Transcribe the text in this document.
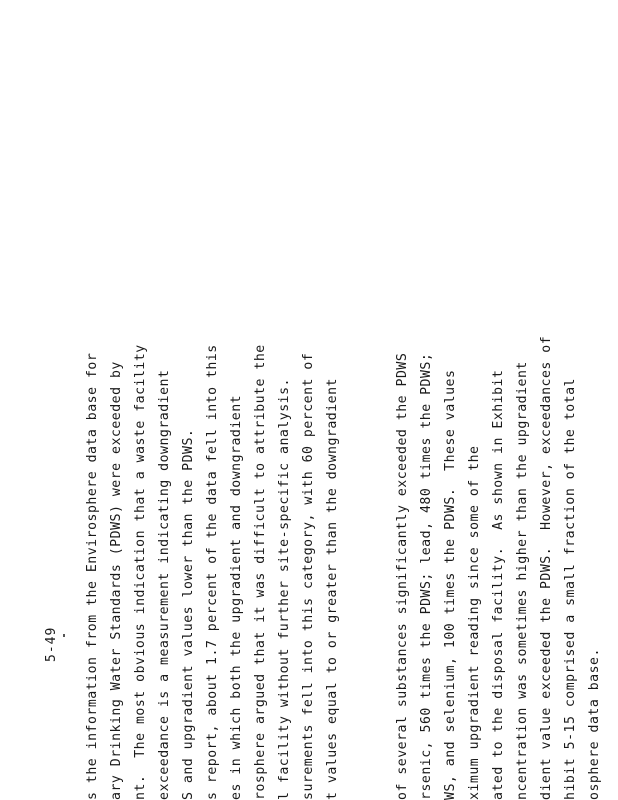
5-49 s the information from the Envirosphere data base for ary Drinking Water Standards (PDWS) were exceeded by nt.  The most obvious indication that a waste facility exceedance is a measurement indicating downgradient S and upgradient values lower than the PDWS. s report, about 1.7 percent of the data fell into this es in which both the upgradient and downgradient rosphere argued that it was difficult to attribute the l facility without further site-specific analysis. surements fell into this category, with 60 percent of t values equal to or greater than the downgradient	of several substances significantly exceeded the PDWS rsenic, 560 times the PDWS; lead, 480 times the PDWS; WS, and selenium, 100 times the PDWS.  These values ximum upgradient reading since some of the ated to the disposal facility.  As shown in Exhibit ncentration was sometimes higher than the upgradient dient value exceeded the PDWS.  However, exceedances of hibit 5-15 comprised a small fraction of the total osphere data base.
